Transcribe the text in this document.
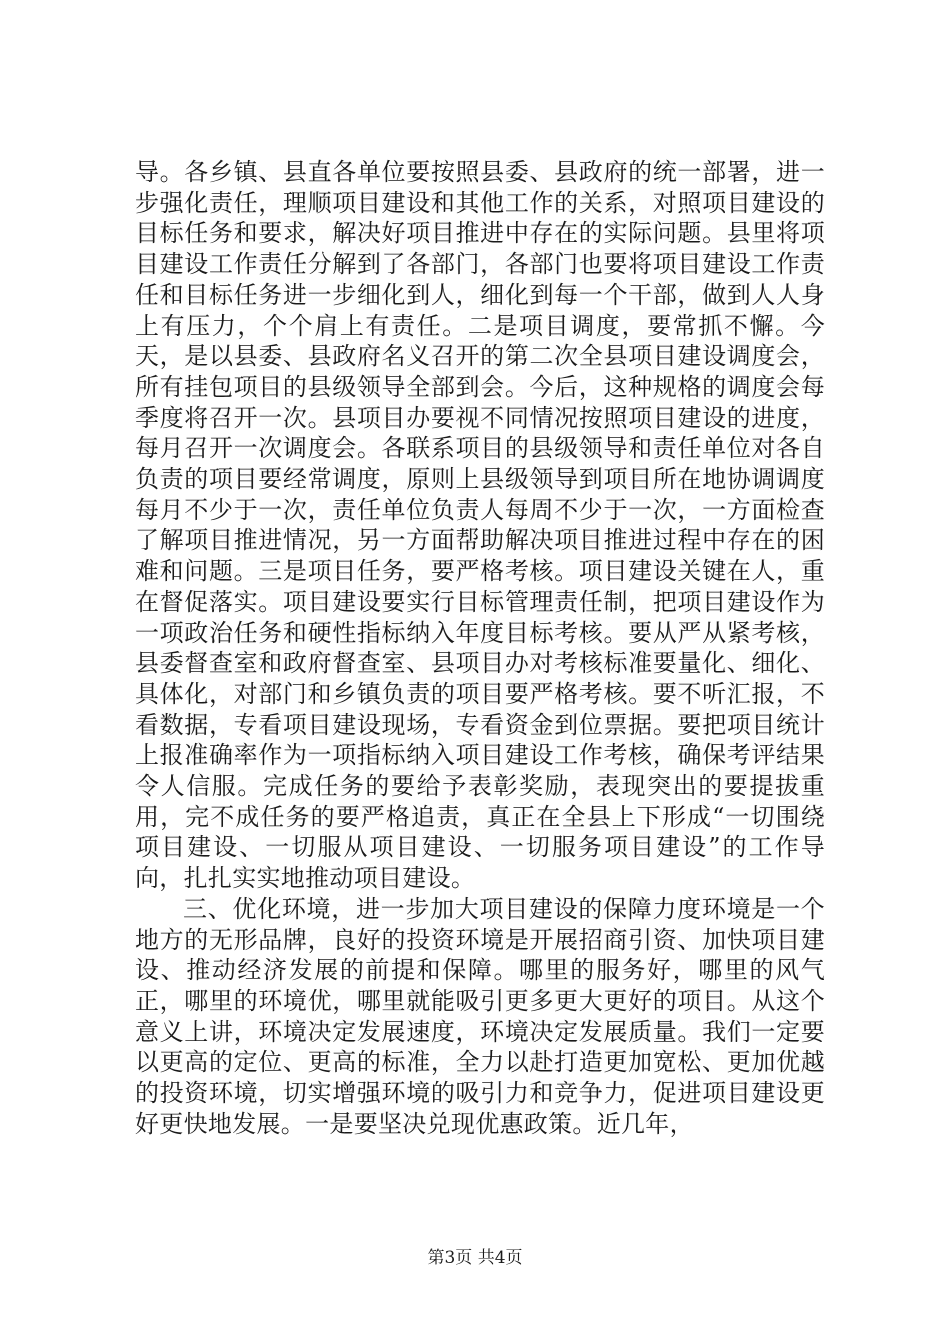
导。各乡镇、县直各单位要按照县委、县政府的统一部署，进一步强化责任，理顺项目建设和其他工作的关系，对照项目建设的目标任务和要求，解决好项目推进中存在的实际问题。县里将项目建设工作责任分解到了各部门，各部门也要将项目建设工作责任和目标任务进一步细化到人，细化到每一个干部，做到人人身上有压力，个个肩上有责任。二是项目调度，要常抓不懈。今天，是以县委、县政府名义召开的第二次全县项目建设调度会，所有挂包项目的县级领导全部到会。今后，这种规格的调度会每季度将召开一次。县项目办要视不同情况按照项目建设的进度，每月召开一次调度会。各联系项目的县级领导和责任单位对各自负责的项目要经常调度，原则上县级领导到项目所在地协调调度每月不少于一次，责任单位负责人每周不少于一次，一方面检查了解项目推进情况，另一方面帮助解决项目推进过程中存在的困难和问题。三是项目任务，要严格考核。项目建设关键在人，重在督促落实。项目建设要实行目标管理责任制，把项目建设作为一项政治任务和硬性指标纳入年度目标考核。要从严从紧考核，县委督查室和政府督查室、县项目办对考核标准要量化、细化、具体化，对部门和乡镇负责的项目要严格考核。要不听汇报，不看数据，专看项目建设现场，专看资金到位票据。要把项目统计上报准确率作为一项指标纳入项目建设工作考核，确保考评结果令人信服。完成任务的要给予表彰奖励，表现突出的要提拔重用，完不成任务的要严格追责，真正在全县上下形成“一切围绕项目建设、一切服从项目建设、一切服务项目建设”的工作导向，扎扎实实地推动项目建设。

三、优化环境，进一步加大项目建设的保障力度环境是一个地方的无形品牌，良好的投资环境是开展招商引资、加快项目建设、推动经济发展的前提和保障。哪里的服务好，哪里的风气正，哪里的环境优，哪里就能吸引更多更大更好的项目。从这个意义上讲，环境决定发展速度，环境决定发展质量。我们一定要以更高的定位、更高的标准，全力以赴打造更加宽松、更加优越的投资环境，切实增强环境的吸引力和竞争力，促进项目建设更好更快地发展。一是要坚决兑现优惠政策。近几年，

第3页 共4页
